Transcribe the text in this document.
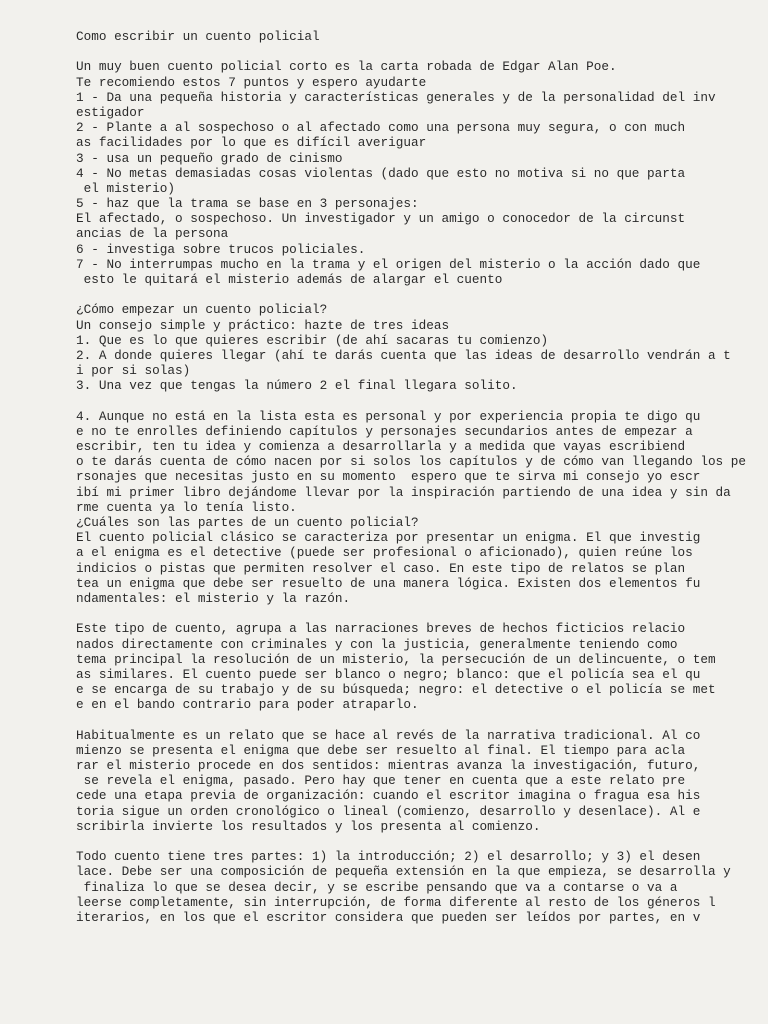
Como escribir un cuento policial
Un muy buen cuento policial corto es la carta robada de Edgar Alan Poe.
Te recomiendo estos 7 puntos y espero ayudarte
1 - Da una pequeña historia y características generales y de la personalidad del inv
estigador
2 - Plante a al sospechoso o al afectado como una persona muy segura, o con much
as facilidades por lo que es difícil averiguar
3 - usa un pequeño grado de cinismo
4 - No metas demasiadas cosas violentas (dado que esto no motiva si no que parta
el misterio)
5 - haz que la trama se base en 3 personajes:
El afectado, o sospechoso. Un investigador y un amigo o conocedor de la circunst
ancias de la persona
6 - investiga sobre trucos policiales.
7 - No interrumpas mucho en la trama y el origen del misterio o la acción dado que
esto le quitará el misterio además de alargar el cuento
¿Cómo empezar un cuento policial?
Un consejo simple y práctico: hazte de tres ideas
1. Que es lo que quieres escribir (de ahí sacaras tu comienzo)
2. A donde quieres llegar (ahí te darás cuenta que las ideas de desarrollo vendrán a t
i por si solas)
3. Una vez que tengas la número 2 el final llegara solito.
4. Aunque no está en la lista esta es personal y por experiencia propia te digo qu
e no te enrolles definiendo capítulos y personajes secundarios antes de empezar a
escribir, ten tu idea y comienza a desarrollarla y a medida que vayas escribiend
o te darás cuenta de cómo nacen por si solos los capítulos y de cómo van llegando los pe
rsonajes que necesitas justo en su momento  espero que te sirva mi consejo yo escr
ibí mi primer libro dejándome llevar por la inspiración partiendo de una idea y sin da
rme cuenta ya lo tenía listo.
¿Cuáles son las partes de un cuento policial?
El cuento policial clásico se caracteriza por presentar un enigma. El que investig
a el enigma es el detective (puede ser profesional o aficionado), quien reúne los
indicios o pistas que permiten resolver el caso. En este tipo de relatos se plan
tea un enigma que debe ser resuelto de una manera lógica. Existen dos elementos fu
ndamentales: el misterio y la razón.
Este tipo de cuento, agrupa a las narraciones breves de hechos ficticios relacio
nados directamente con criminales y con la justicia, generalmente teniendo como
tema principal la resolución de un misterio, la persecución de un delincuente, o tem
as similares. El cuento puede ser blanco o negro; blanco: que el policía sea el qu
e se encarga de su trabajo y de su búsqueda; negro: el detective o el policía se met
e en el bando contrario para poder atraparlo.
Habitualmente es un relato que se hace al revés de la narrativa tradicional. Al co
mienzo se presenta el enigma que debe ser resuelto al final. El tiempo para acla
rar el misterio procede en dos sentidos: mientras avanza la investigación, futuro,
se revela el enigma, pasado. Pero hay que tener en cuenta que a este relato pre
cede una etapa previa de organización: cuando el escritor imagina o fragua esa his
toria sigue un orden cronológico o lineal (comienzo, desarrollo y desenlace). Al e
scribirla invierte los resultados y los presenta al comienzo.
Todo cuento tiene tres partes: 1) la introducción; 2) el desarrollo; y 3) el desen
lace. Debe ser una composición de pequeña extensión en la que empieza, se desarrolla y
finaliza lo que se desea decir, y se escribe pensando que va a contarse o va a
leerse completamente, sin interrupción, de forma diferente al resto de los géneros l
iterarios, en los que el escritor considera que pueden ser leídos por partes, en v
